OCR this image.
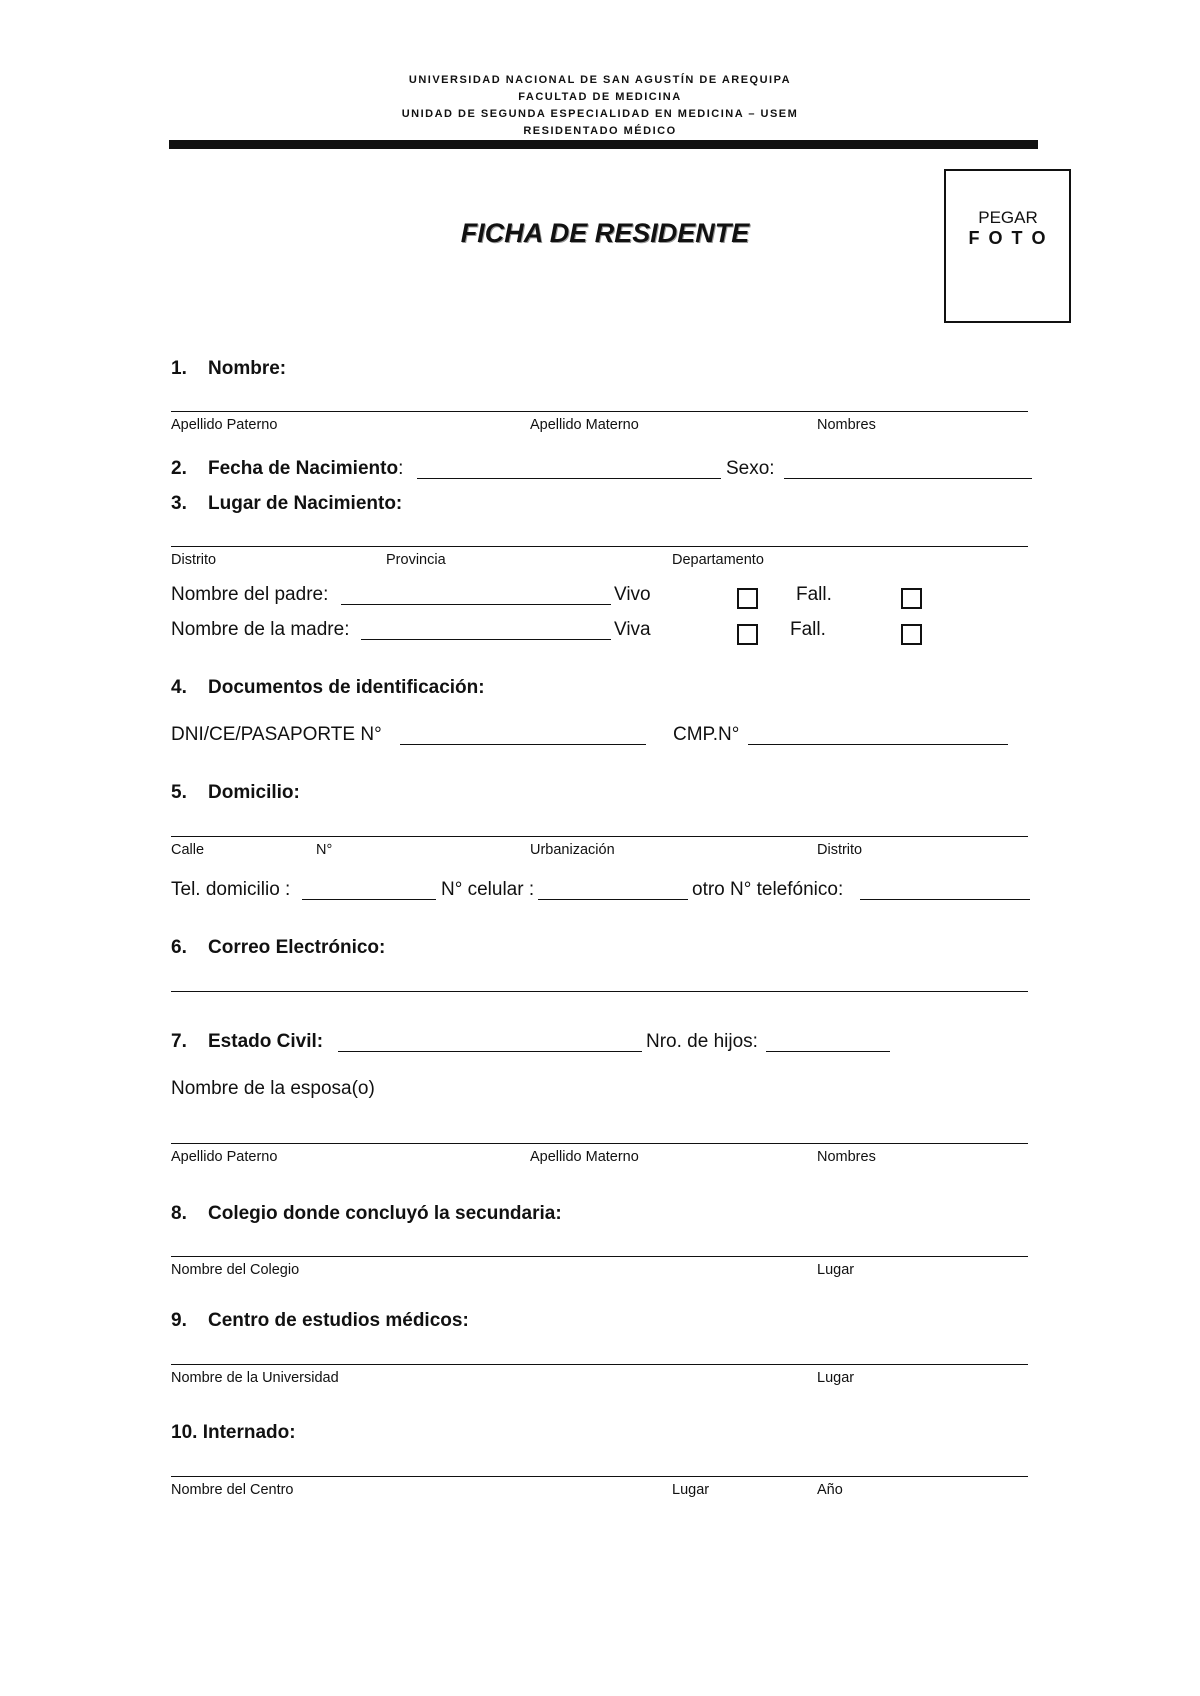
UNIVERSIDAD NACIONAL DE SAN AGUSTÍN DE AREQUIPA
FACULTAD DE MEDICINA
UNIDAD DE SEGUNDA ESPECIALIDAD EN MEDICINA – USEM
RESIDENTADO MÉDICO
FICHA DE RESIDENTE
PEGAR
F O T O
1. Nombre:
Apellido Paterno	Apellido Materno	Nombres
2. Fecha de Nacimiento:	Sexo:
3. Lugar de Nacimiento:
Distrito	Provincia	Departamento
Nombre del padre:	Vivo	Fall.
Nombre de la madre:	Viva	Fall.
4. Documentos de identificación:
DNI/CE/PASAPORTE N°	CMP.N°
5. Domicilio:
Calle	N°	Urbanización	Distrito
Tel. domicilio :	N° celular :	otro N° telefónico:
6. Correo Electrónico:
7. Estado Civil:	Nro. de hijos:
Nombre de la esposa(o)
Apellido Paterno	Apellido Materno	Nombres
8. Colegio donde concluyó la secundaria:
Nombre del Colegio	Lugar
9. Centro de estudios médicos:
Nombre de la Universidad	Lugar
10. Internado:
Nombre del Centro	Lugar	Año
